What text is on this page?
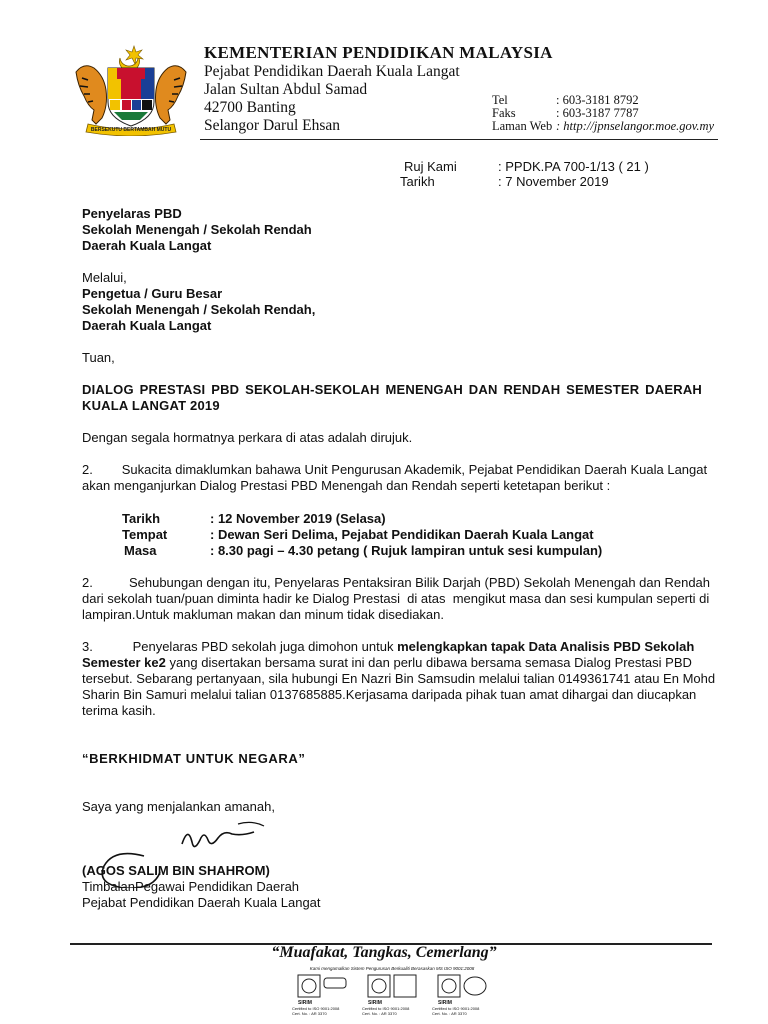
BERSEKUTU BERTAMBAH MUTU
KEMENTERIAN PENDIDIKAN MALAYSIA
Pejabat Pendidikan Daerah Kuala Langat
Jalan Sultan Abdul Samad
42700 Banting
Selangor Darul Ehsan
Tel	: 603-3181 8792
Faks	: 603-3187 7787
Laman Web : http://jpnselangor.moe.gov.my
Ruj Kami	: PPDK.PA 700-1/13 ( 21 )
Tarikh	: 7 November 2019
Penyelaras PBD
Sekolah Menengah / Sekolah Rendah
Daerah Kuala Langat
Melalui,
Pengetua / Guru Besar
Sekolah Menengah / Sekolah Rendah,
Daerah Kuala Langat
Tuan,
DIALOG PRESTASI PBD SEKOLAH-SEKOLAH MENENGAH DAN RENDAH SEMESTER DAERAH
KUALA LANGAT 2019
Dengan segala hormatnya perkara di atas adalah dirujuk.
2.        Sukacita dimaklumkan bahawa Unit Pengurusan Akademik, Pejabat Pendidikan Daerah Kuala Langat
akan menganjurkan Dialog Prestasi PBD Menengah dan Rendah seperti ketetapan berikut :
Tarikh	: 12 November 2019 (Selasa)
Tempat	: Dewan Seri Delima, Pejabat Pendidikan Daerah Kuala Langat
Masa	: 8.30 pagi – 4.30 petang ( Rujuk lampiran untuk sesi kumpulan)
2.          Sehubungan dengan itu, Penyelaras Pentaksiran Bilik Darjah (PBD) Sekolah Menengah dan Rendah
dari sekolah tuan/puan diminta hadir ke Dialog Prestasi  di atas  mengikut masa dan sesi kumpulan seperti di
lampiran.Untuk makluman makan dan minum tidak disediakan.
3.           Penyelaras PBD sekolah juga dimohon untuk melengkapkan tapak Data Analisis PBD Sekolah
Semester ke2 yang disertakan bersama surat ini dan perlu dibawa bersama semasa Dialog Prestasi PBD
tersebut. Sebarang pertanyaan, sila hubungi En Nazri Bin Samsudin melalui talian 0149361741 atau En Mohd
Sharin Bin Samuri melalui talian 0137685885.Kerjasama daripada pihak tuan amat dihargai dan diucapkan
terima kasih.
“BERKHIDMAT UNTUK NEGARA”
Saya yang menjalankan amanah,
(AGOS SALIM BIN SHAHROM)
TimbalanPegawai Pendidikan Daerah
Pejabat Pendidikan Daerah Kuala Langat
“Muafakat, Tangkas, Cemerlang”
Kami mengamalkan Sistem Pengurusan Berkualiti Berasaskan MS ISO 9001:2008
SIRIM
Certified to ISO 9001:2008
Cert. No. : AR 3370
SIRIM
Certified to ISO 9001:2008
Cert. No. : AR 3370
SIRIM
Certified to ISO 9001:2008
Cert. No. : AR 3370
